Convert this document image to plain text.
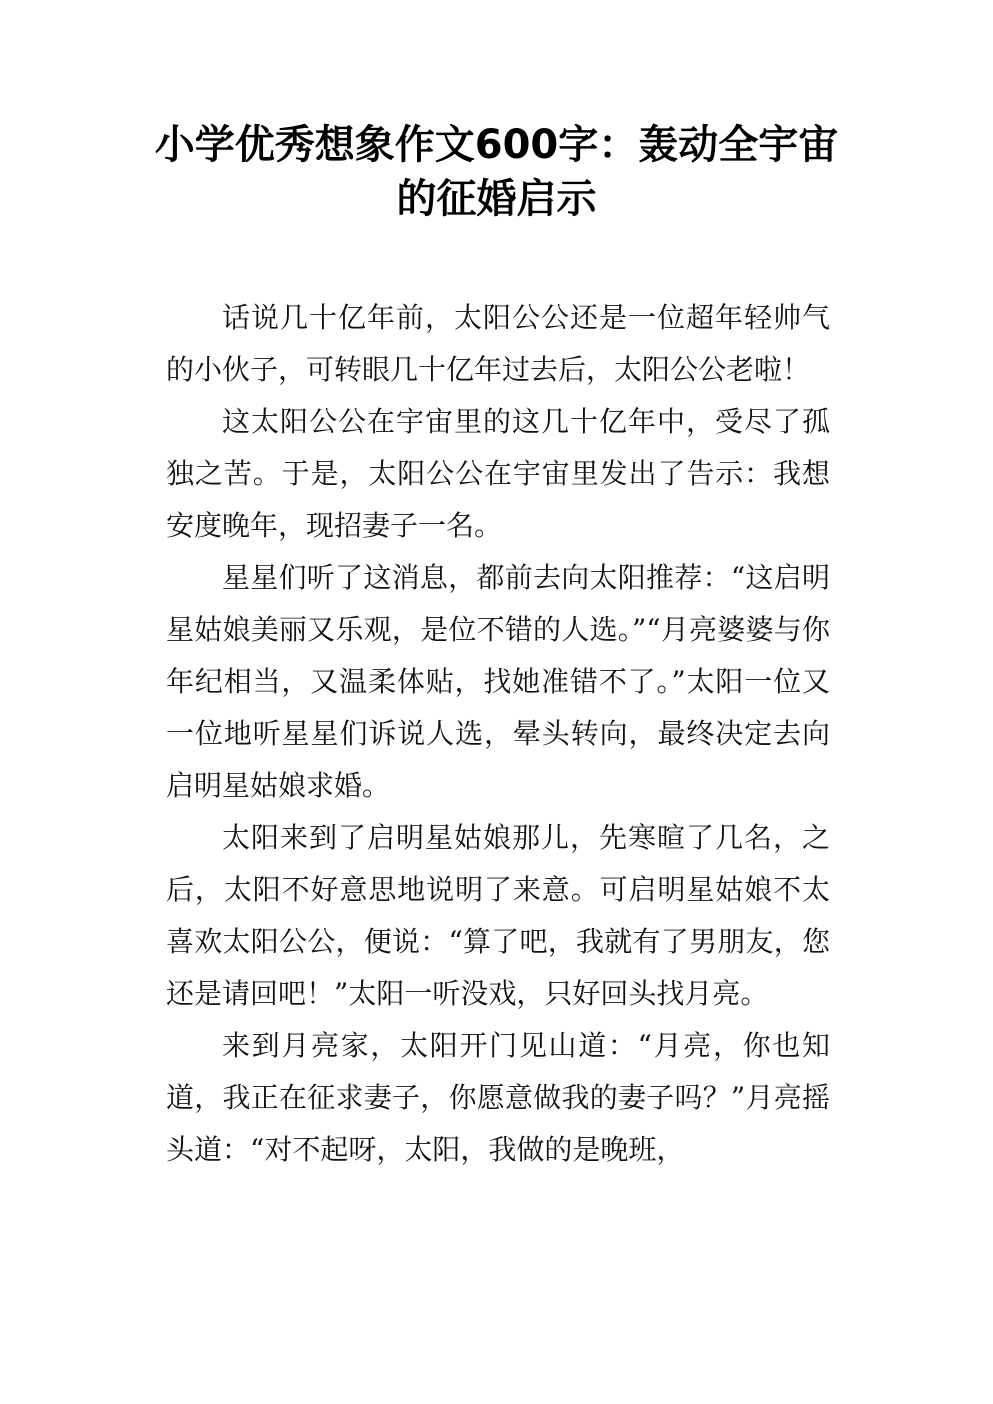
小学优秀想象作文600字：轰动全宇宙的征婚启示

话说几十亿年前，太阳公公还是一位超年轻帅气的小伙子，可转眼几十亿年过去后，太阳公公老啦！

这太阳公公在宇宙里的这几十亿年中，受尽了孤独之苦。于是，太阳公公在宇宙里发出了告示：我想安度晚年，现招妻子一名。

星星们听了这消息，都前去向太阳推荐：“这启明星姑娘美丽又乐观，是位不错的人选。”“月亮婆婆与你年纪相当，又温柔体贴，找她准错不了。”太阳一位又一位地听星星们诉说人选，晕头转向，最终决定去向启明星姑娘求婚。

太阳来到了启明星姑娘那儿，先寒暄了几名，之后，太阳不好意思地说明了来意。可启明星姑娘不太喜欢太阳公公，便说：“算了吧，我就有了男朋友，您还是请回吧！”太阳一听没戏，只好回头找月亮。

来到月亮家，太阳开门见山道：“月亮，你也知道，我正在征求妻子，你愿意做我的妻子吗？”月亮摇头道：“对不起呀，太阳，我做的是晚班，
